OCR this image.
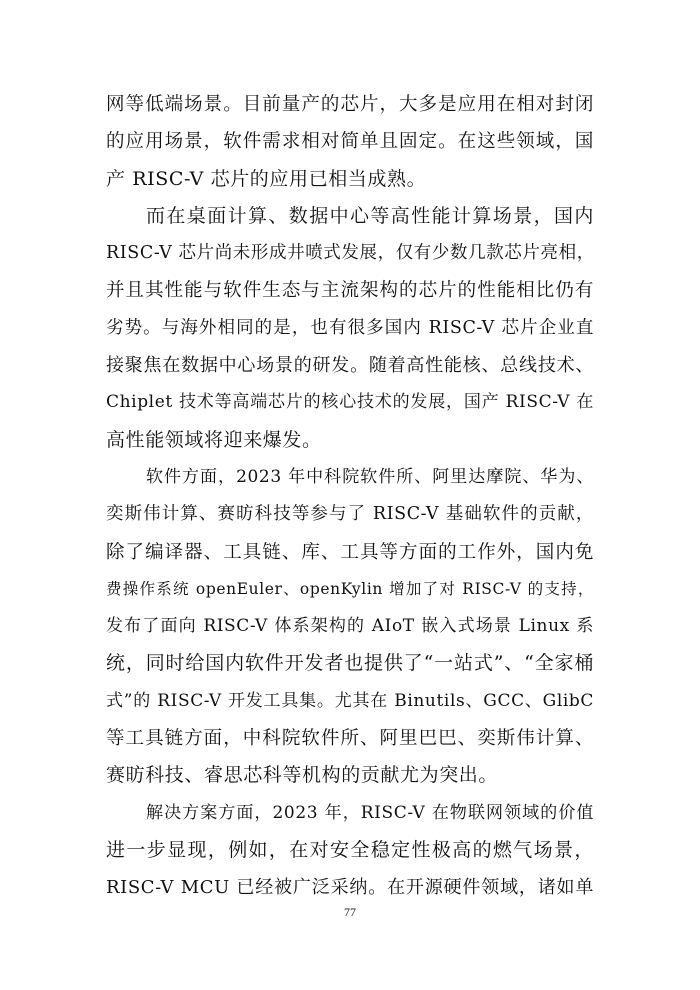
网等低端场景。目前量产的芯片，大多是应用在相对封闭
的应用场景，软件需求相对简单且固定。在这些领域，国
产 RISC-V 芯片的应用已相当成熟。
而在桌面计算、数据中心等高性能计算场景，国内
RISC-V 芯片尚未形成井喷式发展，仅有少数几款芯片亮相，
并且其性能与软件生态与主流架构的芯片的性能相比仍有
劣势。与海外相同的是，也有很多国内 RISC-V 芯片企业直
接聚焦在数据中心场景的研发。随着高性能核、总线技术、
Chiplet 技术等高端芯片的核心技术的发展，国产 RISC-V 在
高性能领域将迎来爆发。
软件方面，2023 年中科院软件所、阿里达摩院、华为、
奕斯伟计算、赛昉科技等参与了 RISC-V 基础软件的贡献，
除了编译器、工具链、库、工具等方面的工作外，国内免
费操作系统 openEuler、openKylin 增加了对 RISC-V 的支持，
发布了面向 RISC-V 体系架构的 AIoT 嵌入式场景 Linux 系
统，同时给国内软件开发者也提供了“一站式”、“全家桶
式”的 RISC-V 开发工具集。尤其在 Binutils、GCC、GlibC
等工具链方面，中科院软件所、阿里巴巴、奕斯伟计算、
赛昉科技、睿思芯科等机构的贡献尤为突出。
解决方案方面，2023 年，RISC-V 在物联网领域的价值
进一步显现，例如，在对安全稳定性极高的燃气场景，
RISC-V MCU 已经被广泛采纳。在开源硬件领域，诸如单
77
